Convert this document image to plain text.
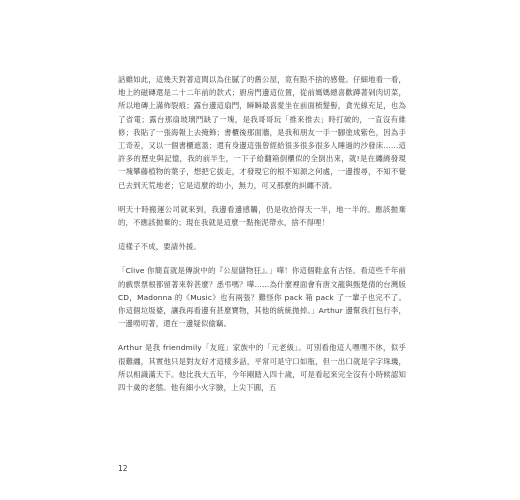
話雖如此，這幾天對著這間以為住膩了的舊公屋，竟有點不捨的感覺。仔細地看一看，地上的磁磚還是二十二年前的款式；廚房門邊這位置，從前媽媽總喜歡蹲著剁肉切菜，所以地磚上滿佈裂痕；露台邊這扇門，瞬瞬最喜愛坐在前面梳髮髻，貪光線充足，也為了省電；露台那扇玻璃門缺了一塊，是我哥哥玩「推來推去」時打破的，一直沒有維修；我貼了一張海報上去掩飾；書櫃後那面牆，是我和朋友一手一腳塗成紫色，因為手工奇差，又以一個書櫃遮蓋；還有身邊這張曾經給很多很多很多人睡過的沙發床……這許多的歷史與記憶，我的前半生，一下子給翻箱倒櫃似的全倒出來，就!是在纏繞發現一塊攀藤植物的葉子，想把它拔走，才發現它的根不知源之何處，一邊搜尋，不知不覺已去到天荒地老；它是這麼的幼小，無力，可又那麼的糾纏不清。

明天十時搬運公司就來到，我邊看邊感觸，仍是收拾得天一半，地一半的。應該拋棄的，不應該拋棄的；現在我就是這麼一點拖泥帶水，捨不得哩！

這樣子不成，要請外援。

「Clive 你簡直就是傳說中的『公屋儲物狂』。」嘩！你這個鞋盒有古怪。看這些千年前的戲票票根都留著來幹甚麼？悉弔嗎？嘩……為什麼裡面會有唐文龍與甄楚倩的台灣版 CD，Madonna 的《Music》也有兩張？難怪你 pack 箱 pack 了一輩子也完不了。你這個垃圾婆，讓我再看邊有甚麼寶物，其他的統統拋掉。」Arthur 邊幫我打包行李，一邊嘮叨著，還在一邊疑似偷竊。

Arthur 是我 friendmily「友庭」家族中的「元老級」。可別看他這人嘿嘿不休，似乎很難纏，其實他只是對友好才這樣多話，平常可是守口如瓶，但一出口就是字字珠璣，所以相識滿天下。他比我大五年，今年剛踏入四十歲，可是看起來完全沒有小時候認知四十歲的老態。他有細小火字臉，上尖下圓，五

12
